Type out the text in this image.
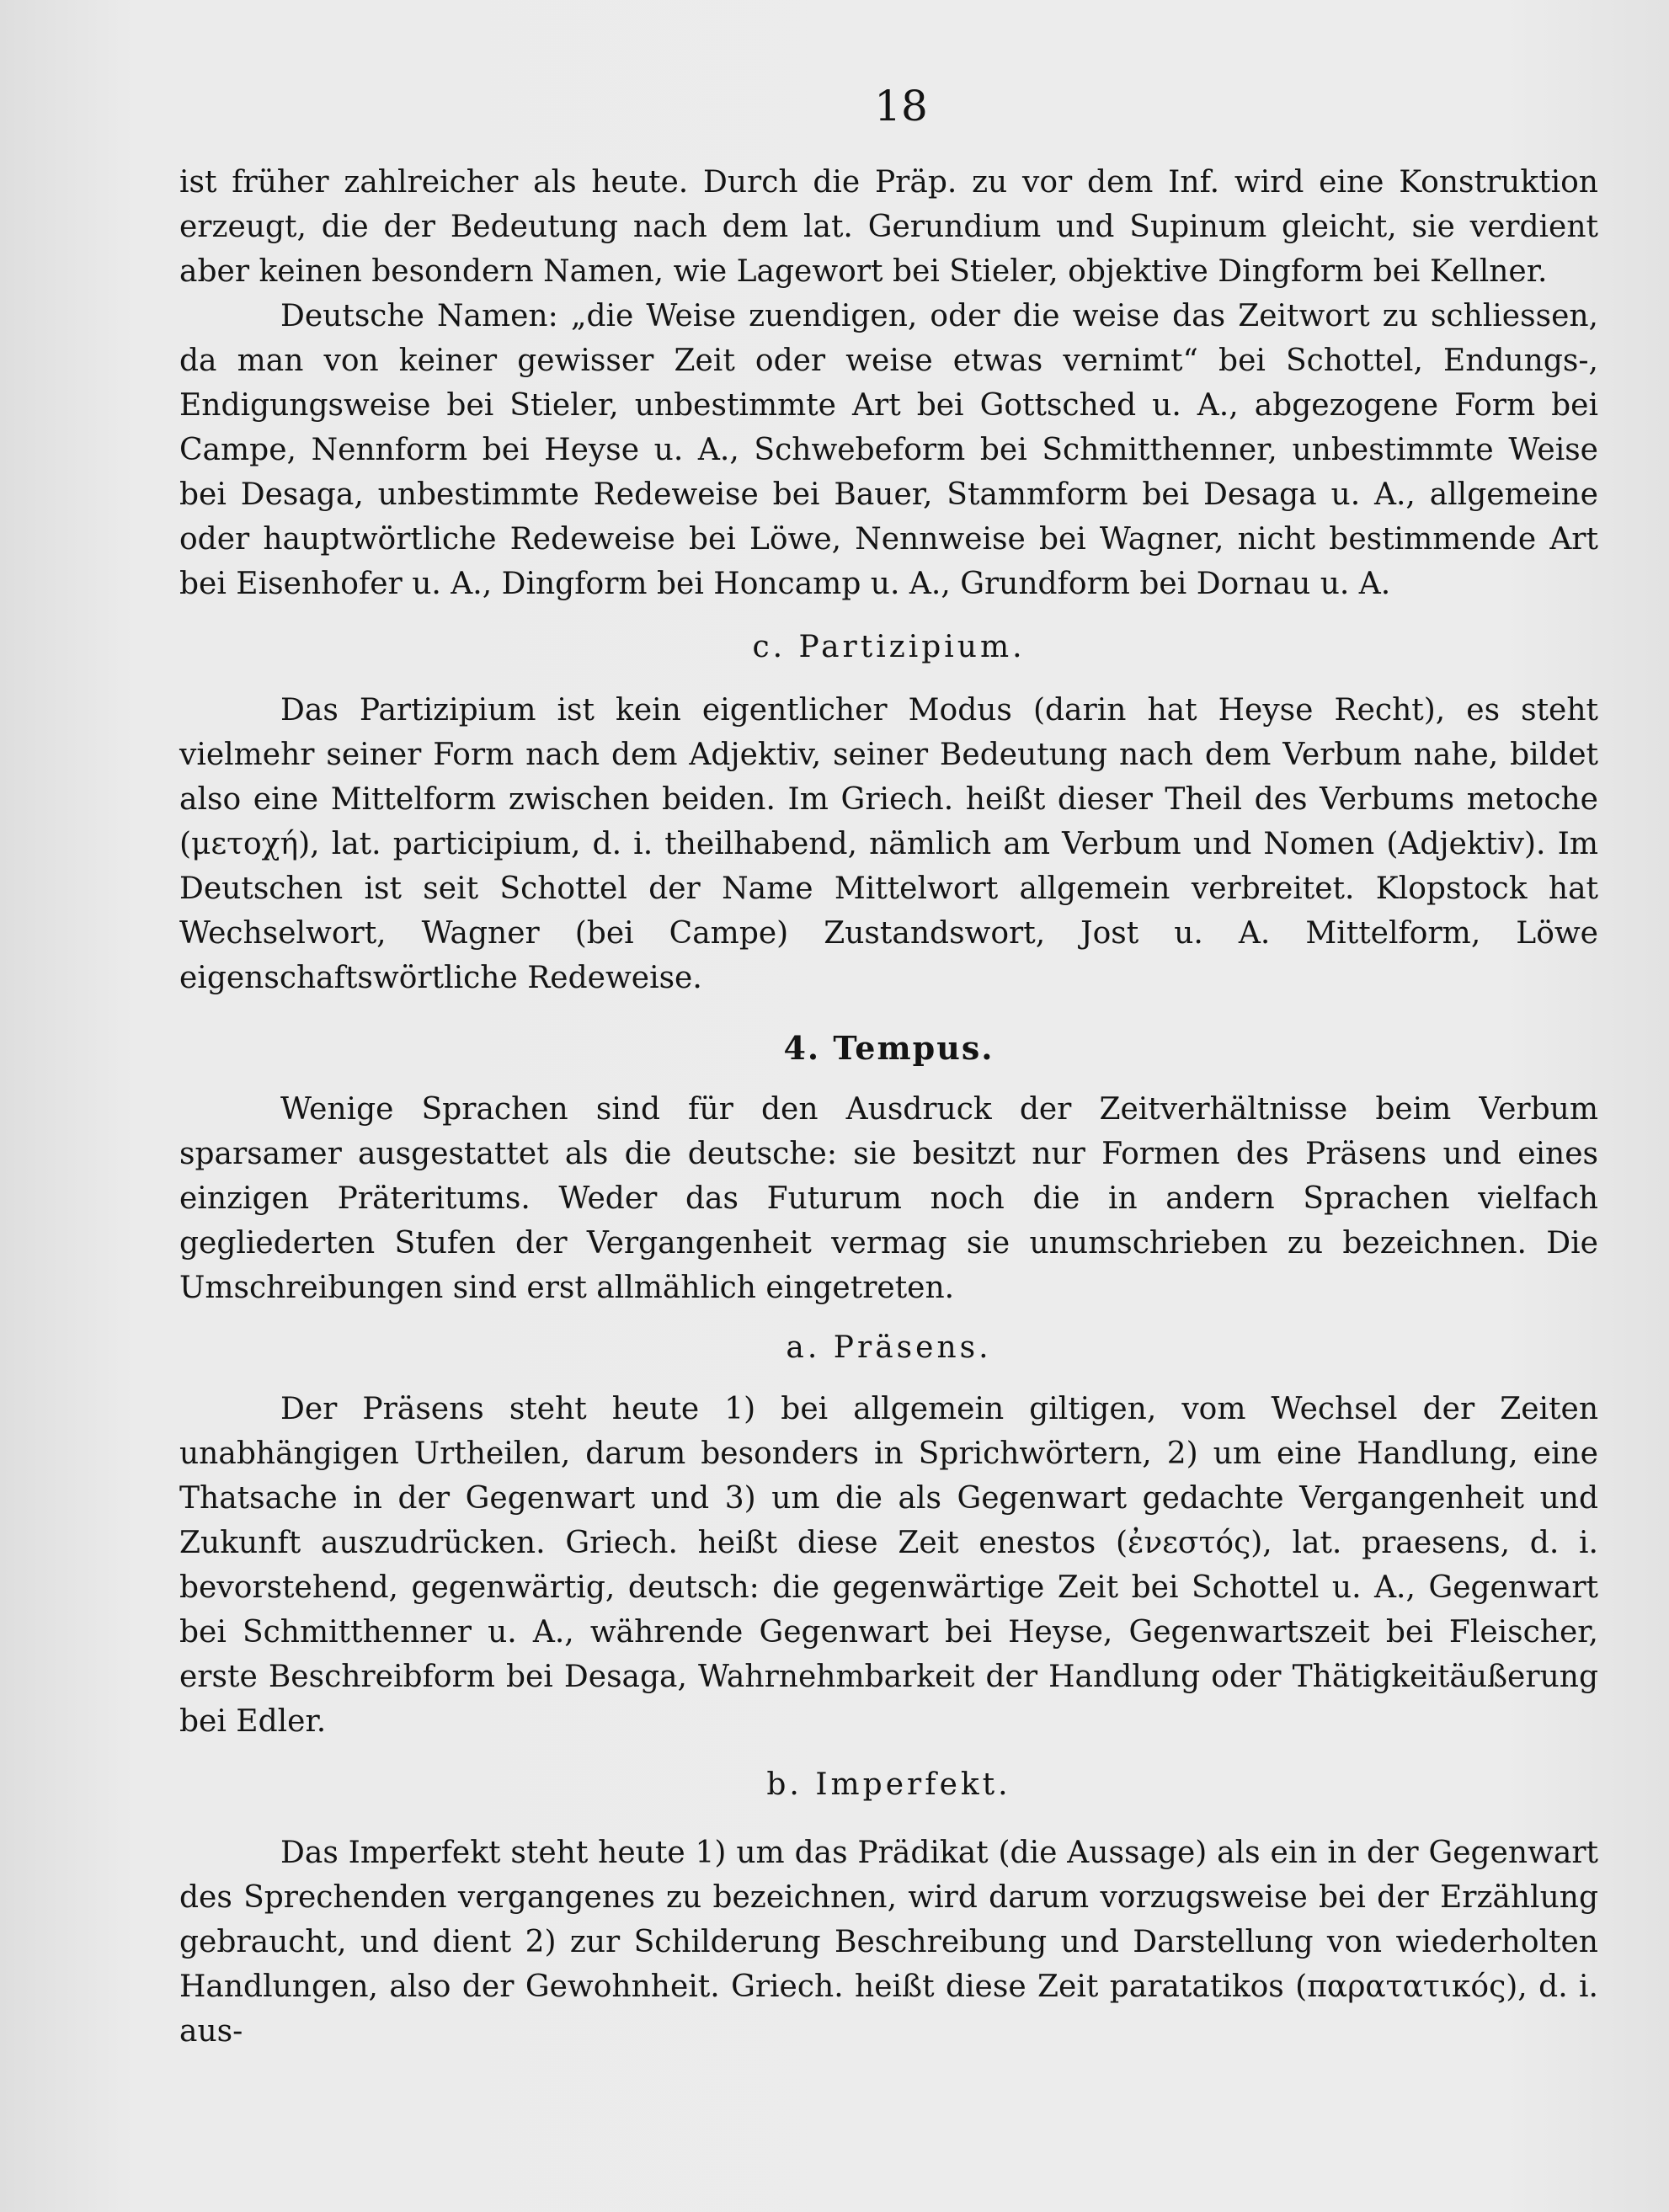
18

ist früher zahlreicher als heute. Durch die Präp. zu vor dem Inf. wird eine Konstruktion erzeugt, die der Bedeutung nach dem lat. Gerundium und Supinum gleicht, sie verdient aber keinen besondern Namen, wie Lagewort bei Stieler, objektive Dingform bei Kellner.

Deutsche Namen: „die Weise zuendigen, oder die weise das Zeitwort zu schliessen, da man von keiner gewisser Zeit oder weise etwas vernimt“ bei Schottel, Endungs-, Endigungsweise bei Stieler, unbestimmte Art bei Gottsched u. A., abgezogene Form bei Campe, Nennform bei Heyse u. A., Schwebeform bei Schmitthenner, unbestimmte Weise bei Desaga, unbestimmte Redeweise bei Bauer, Stammform bei Desaga u. A., allgemeine oder hauptwörtliche Redeweise bei Löwe, Nennweise bei Wagner, nicht bestimmende Art bei Eisenhofer u. A., Dingform bei Honcamp u. A., Grundform bei Dornau u. A.

c. Partizipium.

Das Partizipium ist kein eigentlicher Modus (darin hat Heyse Recht), es steht vielmehr seiner Form nach dem Adjektiv, seiner Bedeutung nach dem Verbum nahe, bildet also eine Mittelform zwischen beiden. Im Griech. heißt dieser Theil des Verbums metoche (μετοχή), lat. participium, d. i. theilhabend, nämlich am Verbum und Nomen (Adjektiv). Im Deutschen ist seit Schottel der Name Mittelwort allgemein verbreitet. Klopstock hat Wechselwort, Wagner (bei Campe) Zustandswort, Jost u. A. Mittelform, Löwe eigenschaftswörtliche Redeweise.

4. Tempus.

Wenige Sprachen sind für den Ausdruck der Zeitverhältnisse beim Verbum sparsamer ausgestattet als die deutsche: sie besitzt nur Formen des Präsens und eines einzigen Präteritums. Weder das Futurum noch die in andern Sprachen vielfach gegliederten Stufen der Vergangenheit vermag sie unumschrieben zu bezeichnen. Die Umschreibungen sind erst allmählich eingetreten.

a. Präsens.

Der Präsens steht heute 1) bei allgemein giltigen, vom Wechsel der Zeiten unabhängigen Urtheilen, darum besonders in Sprichwörtern, 2) um eine Handlung, eine Thatsache in der Gegenwart und 3) um die als Gegenwart gedachte Vergangenheit und Zukunft auszudrücken. Griech. heißt diese Zeit enestos (ἐνεστός), lat. praesens, d. i. bevorstehend, gegenwärtig, deutsch: die gegenwärtige Zeit bei Schottel u. A., Gegenwart bei Schmitthenner u. A., währende Gegenwart bei Heyse, Gegenwartszeit bei Fleischer, erste Beschreibform bei Desaga, Wahrnehmbarkeit der Handlung oder Thätigkeitäußerung bei Edler.

b. Imperfekt.

Das Imperfekt steht heute 1) um das Prädikat (die Aussage) als ein in der Gegenwart des Sprechenden vergangenes zu bezeichnen, wird darum vorzugsweise bei der Erzählung gebraucht, und dient 2) zur Schilderung Beschreibung und Darstellung von wiederholten Handlungen, also der Gewohnheit. Griech. heißt diese Zeit paratatikos (παρατατικός), d. i. aus-
